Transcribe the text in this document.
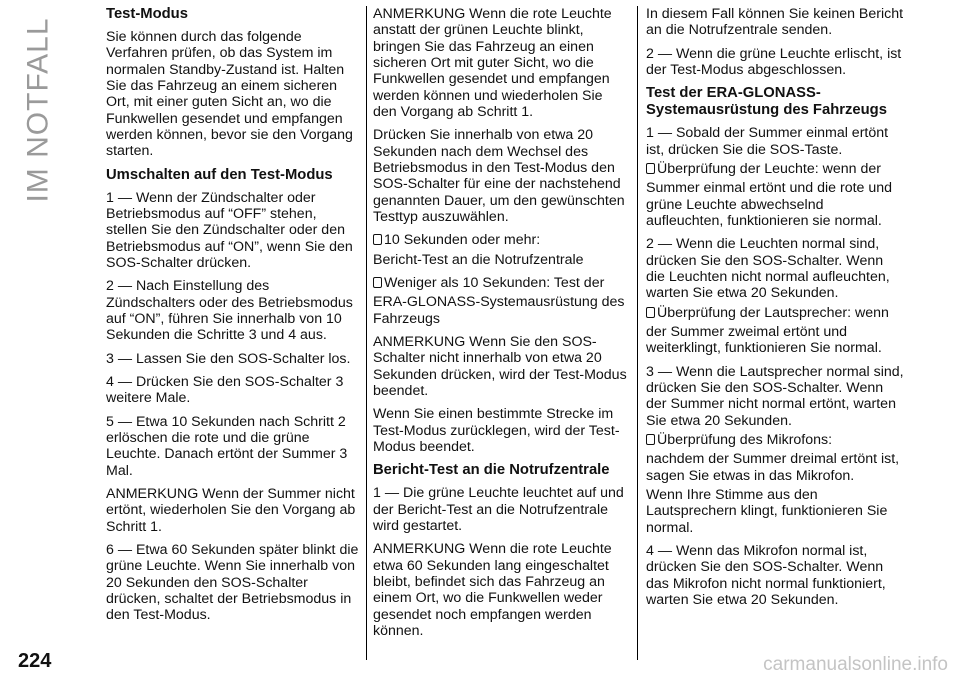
IM NOTFALL
Test-Modus

Sie können durch das folgende Verfahren prüfen, ob das System im normalen Standby-Zustand ist. Halten Sie das Fahrzeug an einem sicheren Ort, mit einer guten Sicht an, wo die Funkwellen gesendet und empfangen werden können, bevor sie den Vorgang starten.

Umschalten auf den Test-Modus

1 — Wenn der Zündschalter oder Betriebsmodus auf “OFF” stehen, stellen Sie den Zündschalter oder den Betriebsmodus auf “ON”, wenn Sie den SOS-Schalter drücken.

2 — Nach Einstellung des Zündschalters oder des Betriebsmodus auf “ON”, führen Sie innerhalb von 10 Sekunden die Schritte 3 und 4 aus.

3 — Lassen Sie den SOS-Schalter los.

4 — Drücken Sie den SOS-Schalter 3 weitere Male.

5 — Etwa 10 Sekunden nach Schritt 2 erlöschen die rote und die grüne Leuchte. Danach ertönt der Summer 3 Mal.

ANMERKUNG Wenn der Summer nicht ertönt, wiederholen Sie den Vorgang ab Schritt 1.

6 — Etwa 60 Sekunden später blinkt die grüne Leuchte. Wenn Sie innerhalb von 20 Sekunden den SOS-Schalter drücken, schaltet der Betriebsmodus in den Test-Modus.

ANMERKUNG Wenn die rote Leuchte anstatt der grünen Leuchte blinkt, bringen Sie das Fahrzeug an einen sicheren Ort mit guter Sicht, wo die Funkwellen gesendet und empfangen werden können und wiederholen Sie den Vorgang ab Schritt 1.

Drücken Sie innerhalb von etwa 20 Sekunden nach dem Wechsel des Betriebsmodus in den Test-Modus den SOS-Schalter für eine der nachstehend genannten Dauer, um den gewünschten Testtyp auszuwählen.

10 Sekunden oder mehr:

Bericht-Test an die Notrufzentrale

Weniger als 10 Sekunden: Test der

ERA-GLONASS-Systemausrüstung des Fahrzeugs

ANMERKUNG Wenn Sie den SOS-Schalter nicht innerhalb von etwa 20 Sekunden drücken, wird der Test-Modus beendet.

Wenn Sie einen bestimmte Strecke im Test-Modus zurücklegen, wird der Test-Modus beendet.

Bericht-Test an die Notrufzentrale

1 — Die grüne Leuchte leuchtet auf und der Bericht-Test an die Notrufzentrale wird gestartet.

ANMERKUNG Wenn die rote Leuchte etwa 60 Sekunden lang eingeschaltet bleibt, befindet sich das Fahrzeug an einem Ort, wo die Funkwellen weder gesendet noch empfangen werden können.

In diesem Fall können Sie keinen Bericht an die Notrufzentrale senden.

2 — Wenn die grüne Leuchte erlischt, ist der Test-Modus abgeschlossen.

Test der ERA-GLONASS-Systemausrüstung des Fahrzeugs

1 — Sobald der Summer einmal ertönt ist, drücken Sie die SOS-Taste.

Überprüfung der Leuchte: wenn der

Summer einmal ertönt und die rote und grüne Leuchte abwechselnd aufleuchten, funktionieren sie normal.

2 — Wenn die Leuchten normal sind, drücken Sie den SOS-Schalter. Wenn die Leuchten nicht normal aufleuchten, warten Sie etwa 20 Sekunden.

Überprüfung der Lautsprecher: wenn

der Summer zweimal ertönt und weiterklingt, funktionieren Sie normal.

3 — Wenn die Lautsprecher normal sind, drücken Sie den SOS-Schalter. Wenn der Summer nicht normal ertönt, warten Sie etwa 20 Sekunden.

Überprüfung des Mikrofons:

nachdem der Summer dreimal ertönt ist, sagen Sie etwas in das Mikrofon.

Wenn Ihre Stimme aus den Lautsprechern klingt, funktionieren Sie normal.

4 — Wenn das Mikrofon normal ist, drücken Sie den SOS-Schalter. Wenn das Mikrofon nicht normal funktioniert, warten Sie etwa 20 Sekunden.

224	carmanualsonline.info
